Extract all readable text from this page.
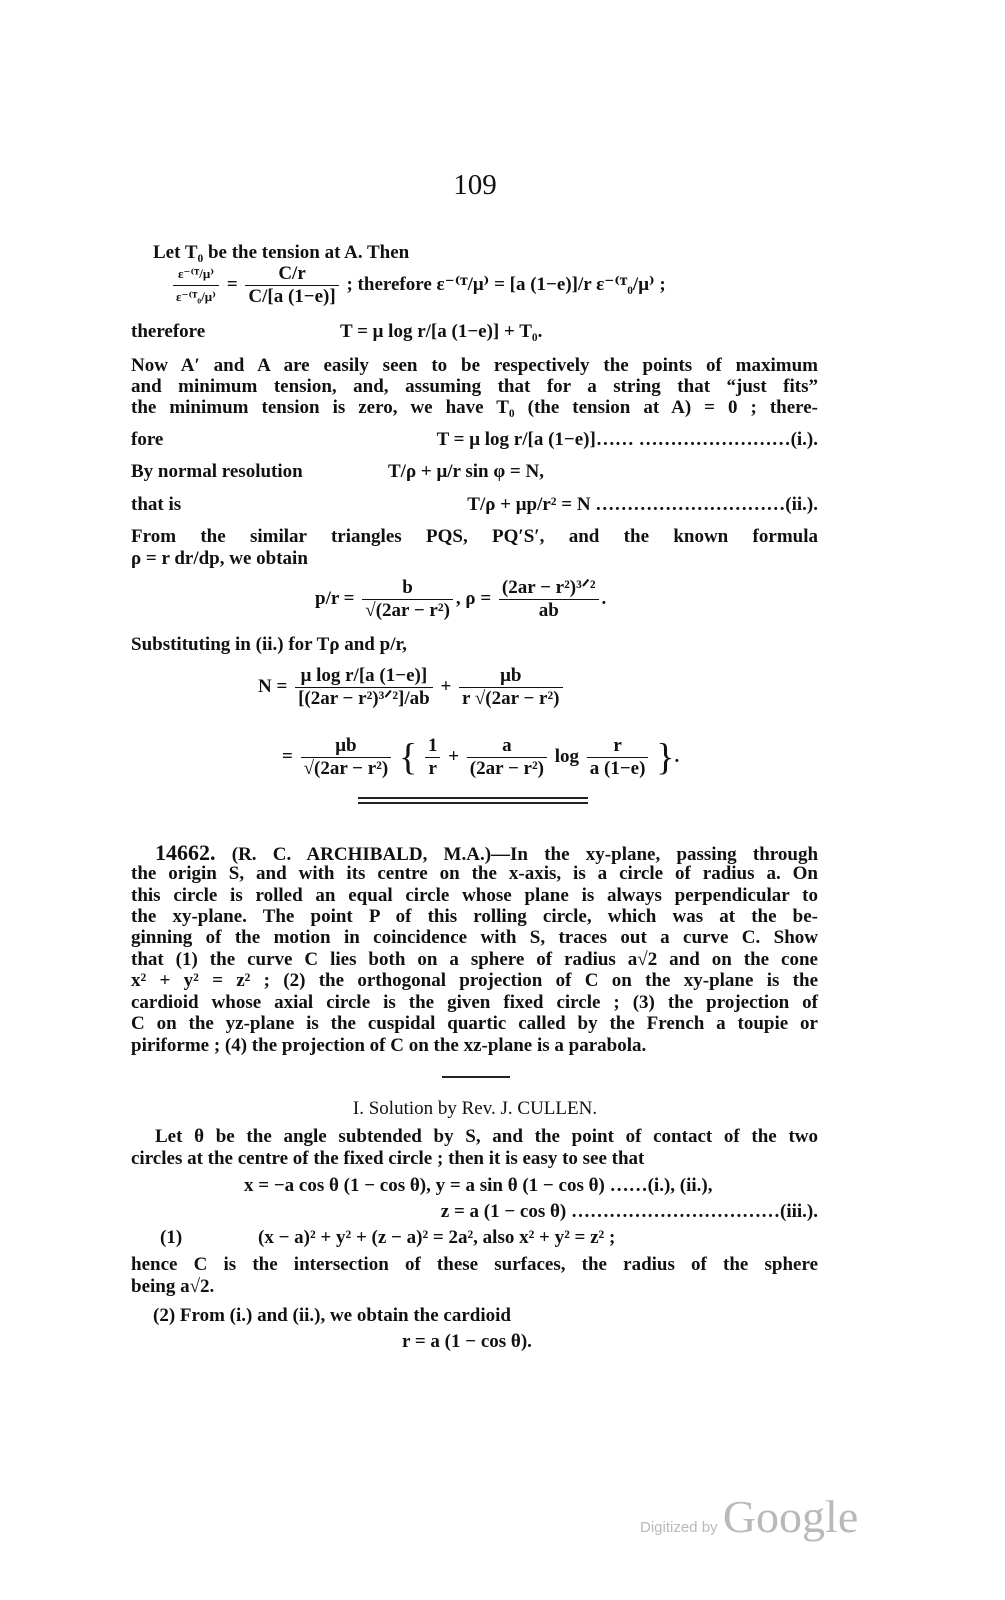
109
Let T₀ be the tension at A. Then
$\frac{\text{ε⁻⁽ᵀ/μ⁾}}{\text{ε⁻⁽ᵀ₀/μ⁾}} = \frac{C/r}{C/[a (1-e)]}$ ; therefore ε⁻⁽ᵀ/μ⁾ = [a (1−e)]/r ε⁻⁽ᵀ₀/μ⁾ ;
therefore	T = μ log r/[a (1−e)] + T₀.
Now A′ and A are easily seen to be respectively the points of maximum
and minimum tension, and, assuming that for a string that “just fits”
the minimum tension is zero, we have T₀ (the tension at A) = 0 ; there-
fore	T = μ log r/[a (1−e)]…… ……………………(i.).
By normal resolution	T/ρ + μ/r sin φ = N,
that is	T/ρ + μp/r² = N …………………………(ii.).
From the similar triangles PQS, PQ′S′, and the known formula
ρ = r dr/dp, we obtain
$p/r = \frac{b}{\text{√(2ar − r²)}}$ , $\rho = \frac{\text{(2ar − r²)³ᐟ²}}{ab}$ .
Substituting in (ii.) for Tρ and p/r,
$N = \frac{\text{μ log r/[a (1−e)]}}{\text{[(2ar − r²)³ᐟ²]/ab}} + \frac{\mu b}{\text{r √(2ar − r²)}}$
= $\frac{\mu b}{\text{√(2ar − r²)}}$ { $\frac{1}{r} + \frac{a}{\text{(2ar − r²)}}$ $\log \frac{r}{a (1-e)}$ }.
14662. (R. C. ARCHIBALD, M.A.)—In the xy-plane, passing through
the origin S, and with its centre on the x-axis, is a circle of radius a. On
this circle is rolled an equal circle whose plane is always perpendicular to
the xy-plane. The point P of this rolling circle, which was at the be-
ginning of the motion in coincidence with S, traces out a curve C. Show
that (1) the curve C lies both on a sphere of radius a√2 and on the cone
x² + y² = z² ; (2) the orthogonal projection of C on the xy-plane is the
cardioid whose axial circle is the given fixed circle ; (3) the projection of
C on the yz-plane is the cuspidal quartic called by the French a toupie or
piriforme ; (4) the projection of C on the xz-plane is a parabola.
I. Solution by Rev. J. CULLEN.
Let θ be the angle subtended by S, and the point of contact of the two
circles at the centre of the fixed circle ; then it is easy to see that
x = −a cos θ (1 − cos θ), y = a sin θ (1 − cos θ) ……(i.), (ii.),
z = a (1 − cos θ) ……………………………(iii.).
(1)	(x − a)² + y² + (z − a)² = 2a², also x² + y² = z² ;
hence C is the intersection of these surfaces, the radius of the sphere
being a√2.
(2) From (i.) and (ii.), we obtain the cardioid
r = a (1 − cos θ).
Digitized by Google
